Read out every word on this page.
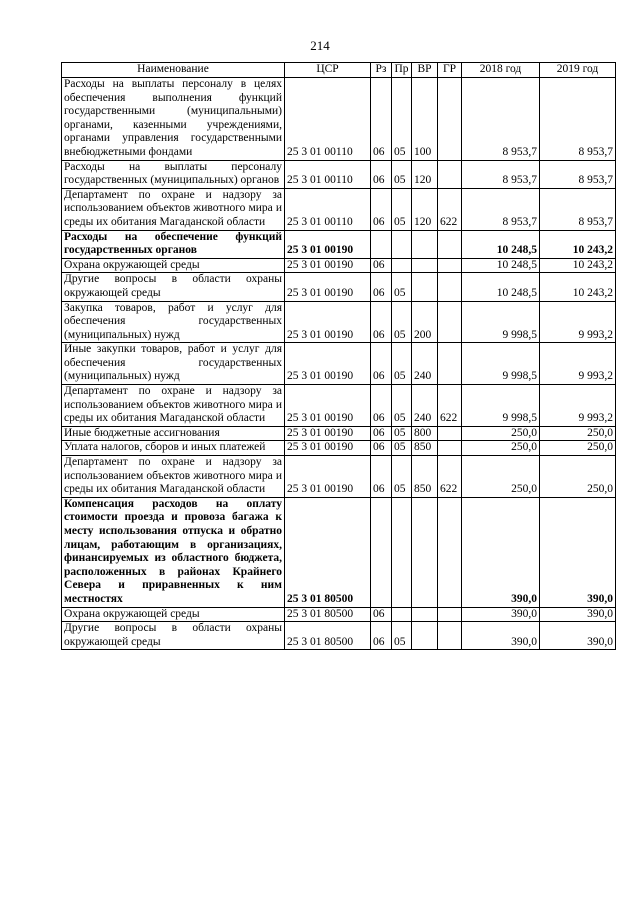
214
Наименование	ЦСР	Рз	Пр	ВР	ГР	2018 год	2019 год
Расходы на выплаты персоналу в целях обеспечения выполнения функций государственными (муниципальными) органами, казенными учреждениями, органами управления государственными внебюджетными фондами	25 3 01 00110	06	05	100		8 953,7	8 953,7
Расходы на выплаты персоналу государственных (муниципальных) органов	25 3 01 00110	06	05	120		8 953,7	8 953,7
Департамент по охране и надзору за использованием объектов животного мира и среды их обитания Магаданской области	25 3 01 00110	06	05	120	622	8 953,7	8 953,7
Расходы на обеспечение функций государственных органов	25 3 01 00190					10 248,5	10 243,2
Охрана окружающей среды	25 3 01 00190	06				10 248,5	10 243,2
Другие вопросы в области охраны окружающей среды	25 3 01 00190	06	05			10 248,5	10 243,2
Закупка товаров, работ и услуг для обеспечения государственных (муниципальных) нужд	25 3 01 00190	06	05	200		9 998,5	9 993,2
Иные закупки товаров, работ и услуг для обеспечения государственных (муниципальных) нужд	25 3 01 00190	06	05	240		9 998,5	9 993,2
Департамент по охране и надзору за использованием объектов животного мира и среды их обитания Магаданской области	25 3 01 00190	06	05	240	622	9 998,5	9 993,2
Иные бюджетные ассигнования	25 3 01 00190	06	05	800		250,0	250,0
Уплата налогов, сборов и иных платежей	25 3 01 00190	06	05	850		250,0	250,0
Департамент по охране и надзору за использованием объектов животного мира и среды их обитания Магаданской области	25 3 01 00190	06	05	850	622	250,0	250,0
Компенсация расходов на оплату стоимости проезда и провоза багажа к месту использования отпуска и обратно лицам, работающим в организациях, финансируемых из областного бюджета, расположенных в районах Крайнего Севера и приравненных к ним местностях	25 3 01 80500					390,0	390,0
Охрана окружающей среды	25 3 01 80500	06				390,0	390,0
Другие вопросы в области охраны окружающей среды	25 3 01 80500	06	05			390,0	390,0
